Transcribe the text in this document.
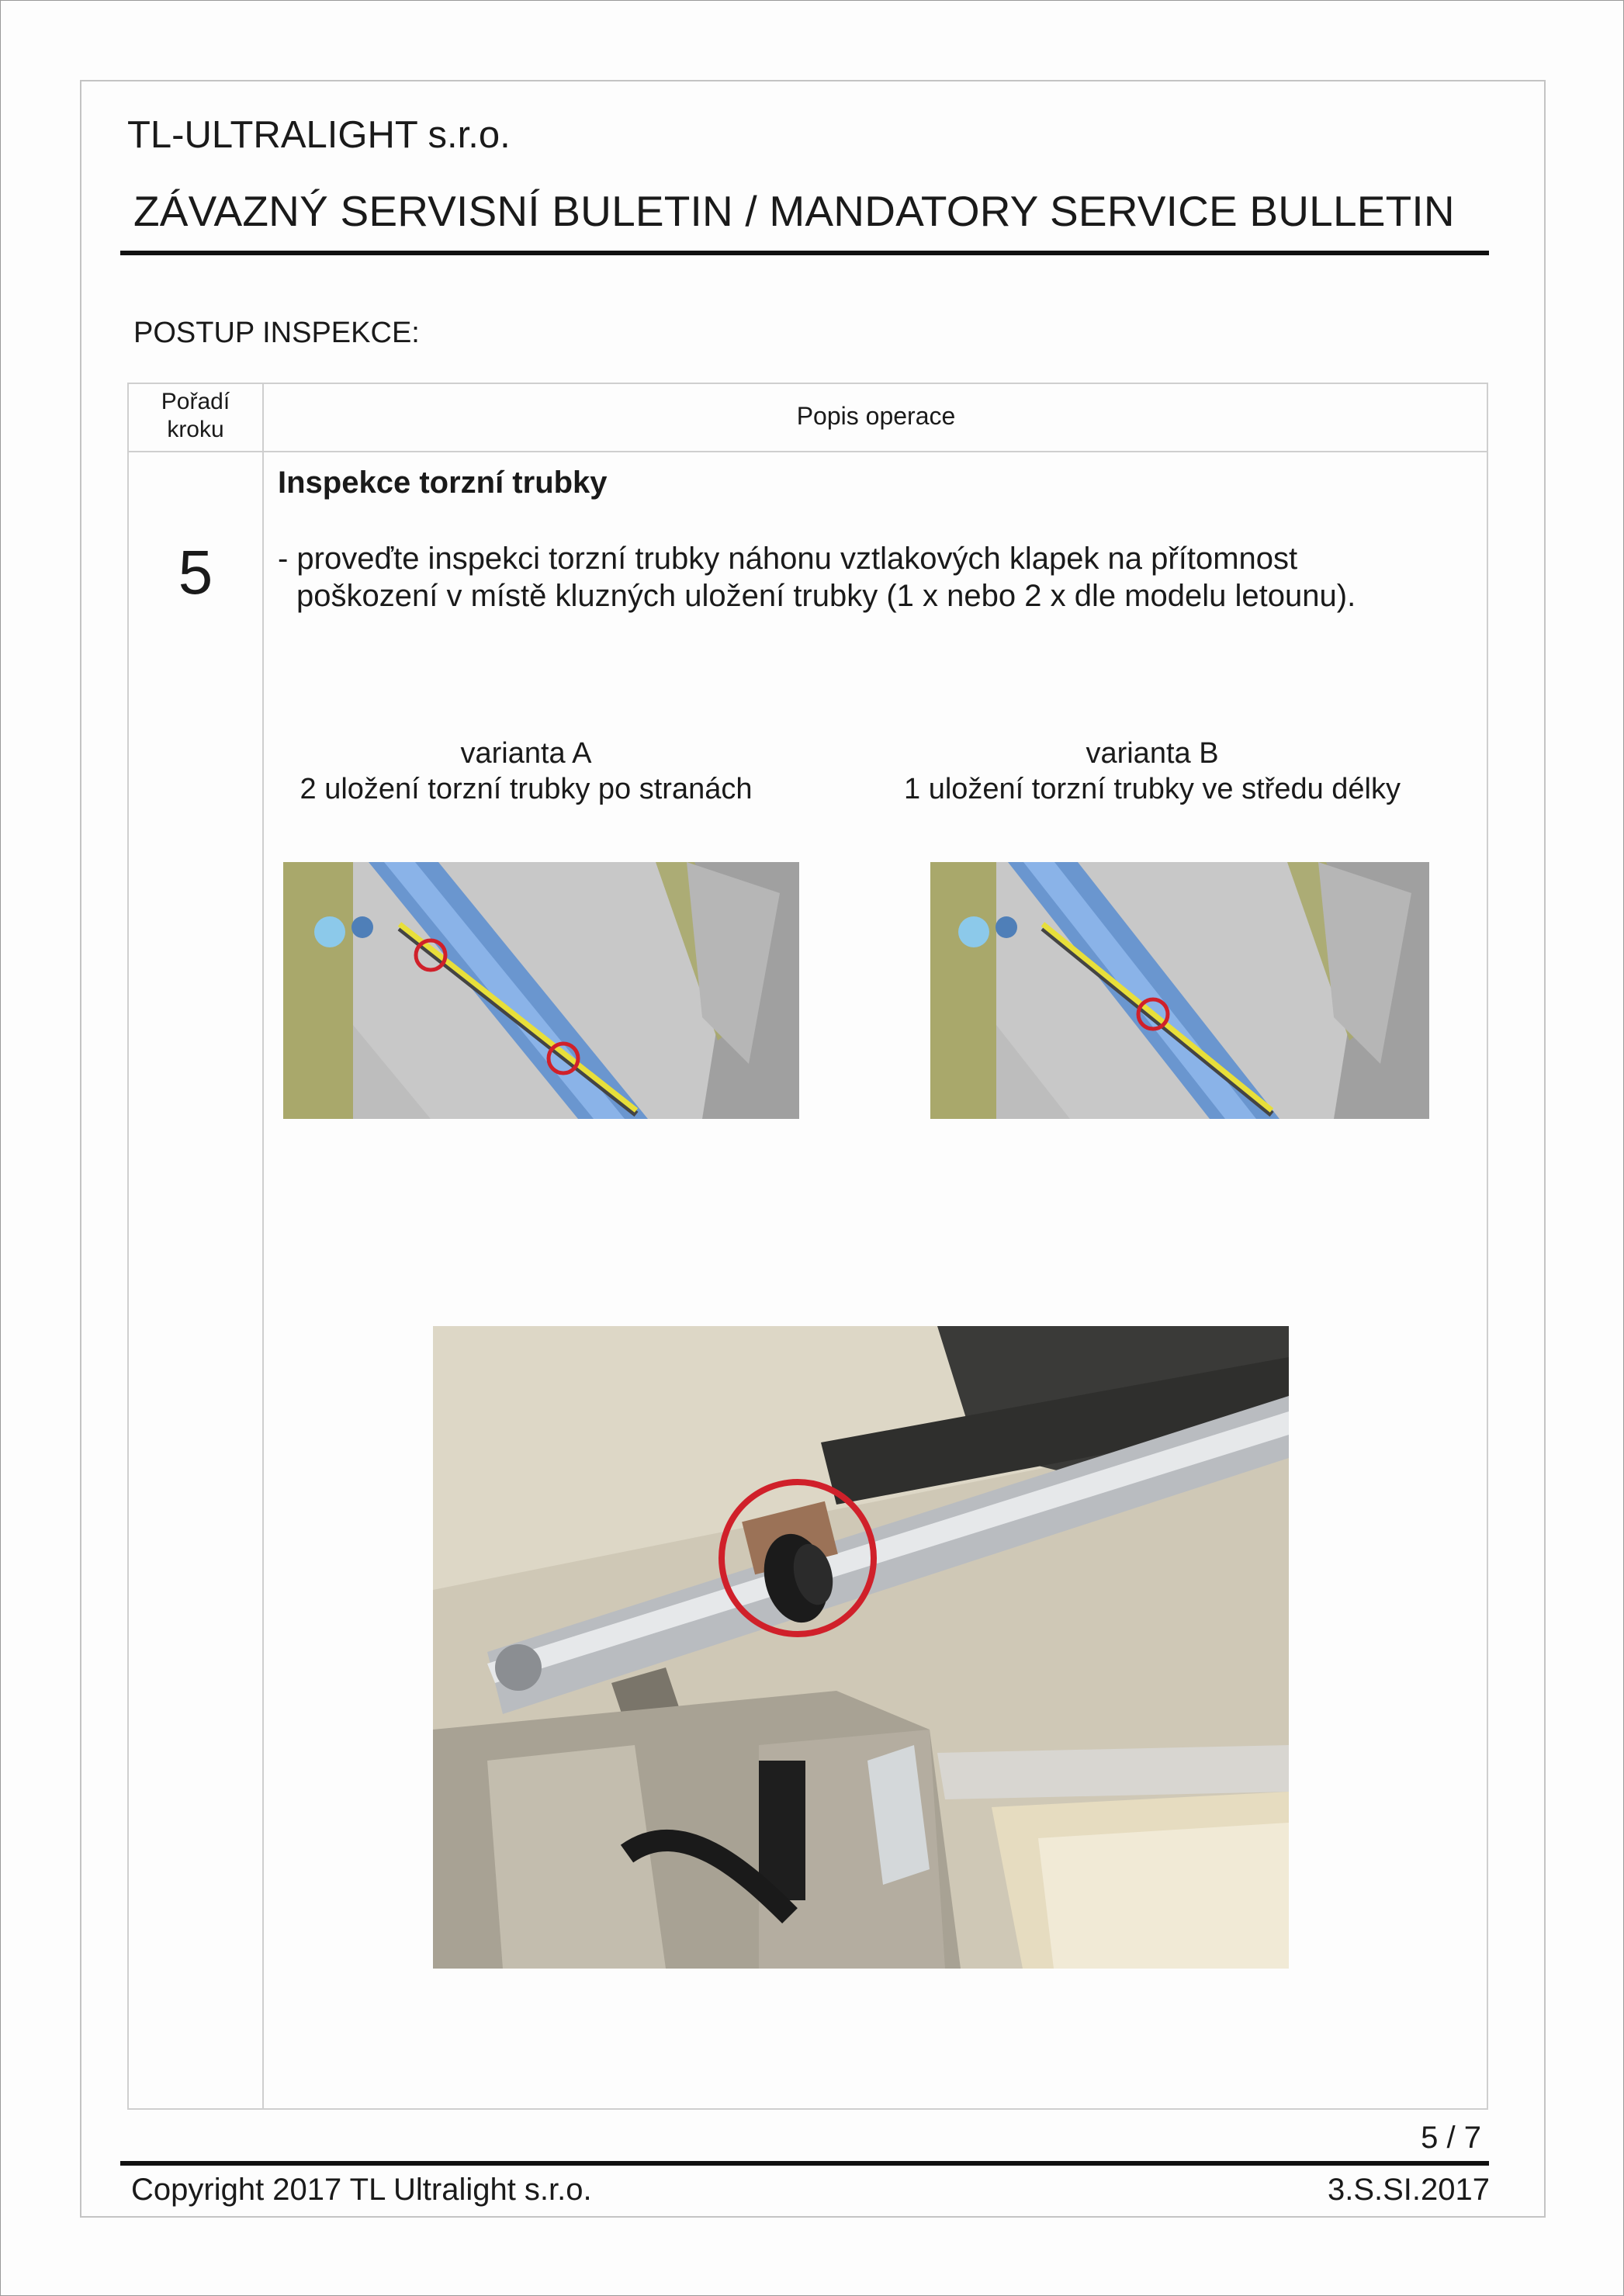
TL-ULTRALIGHT s.r.o.
ZÁVAZNÝ SERVISNÍ BULETIN / MANDATORY SERVICE BULLETIN
POSTUP INSPEKCE:
Pořadí
kroku	Popis operace
5
Inspekce torzní trubky
- proveďte inspekci torzní trubky náhonu vztlakových klapek na přítomnost
poškození v místě kluzných uložení trubky (1 x nebo 2 x dle modelu letounu).
varianta A
2 uložení torzní trubky po stranách
varianta B
1 uložení torzní trubky ve středu délky
5 / 7
Copyright 2017 TL Ultralight s.r.o.	3.S.SI.2017
